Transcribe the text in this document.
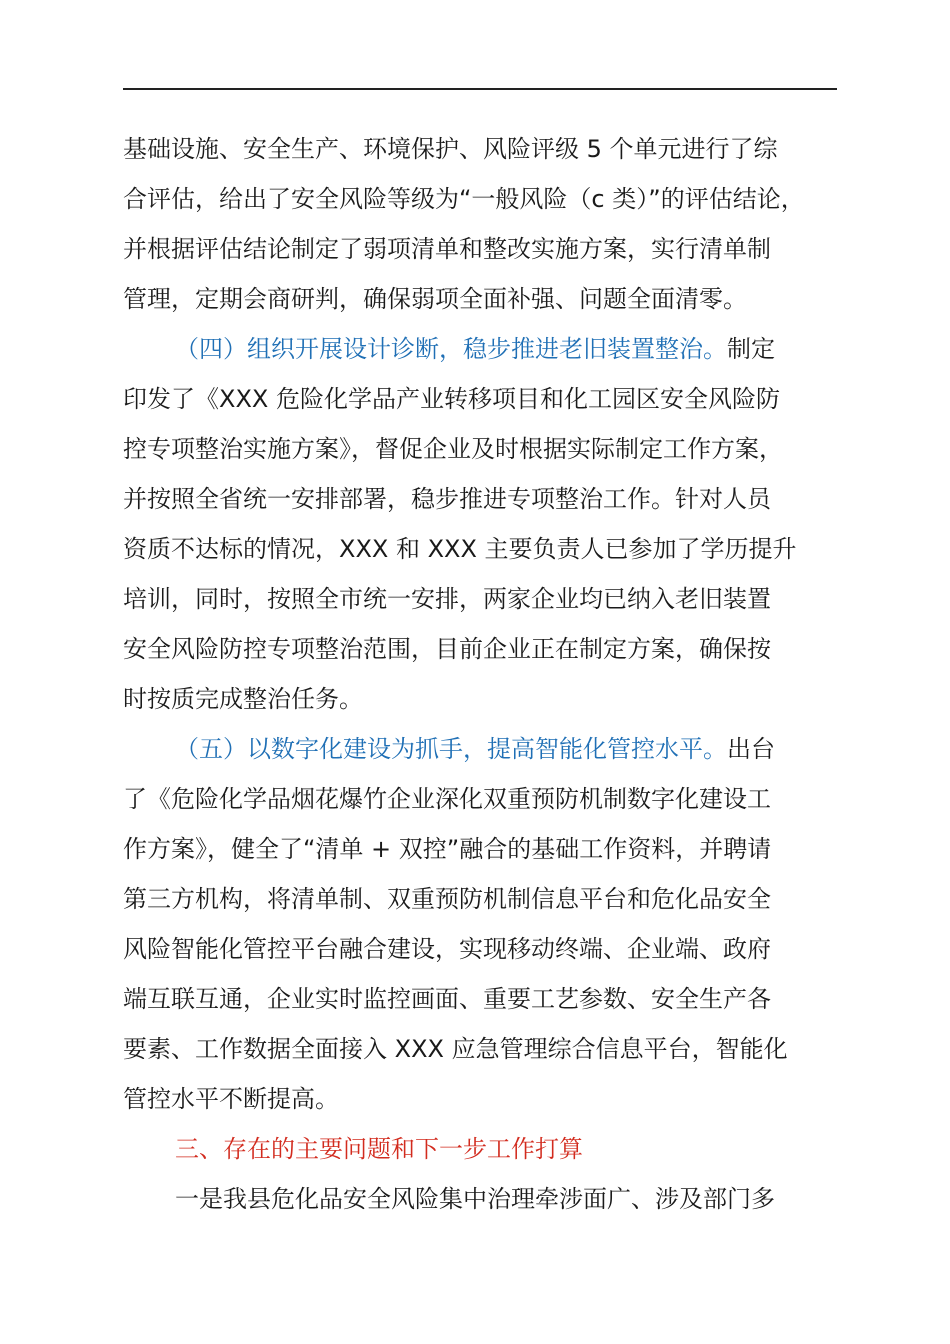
基础设施、安全生产、环境保护、风险评级 5 个单元进行了综
合评估，给出了安全风险等级为“一般风险（c 类）”的评估结论，
并根据评估结论制定了弱项清单和整改实施方案，实行清单制
管理，定期会商研判，确保弱项全面补强、问题全面清零。
（四）组织开展设计诊断，稳步推进老旧装置整治。制定
印发了《XXX 危险化学品产业转移项目和化工园区安全风险防
控专项整治实施方案》，督促企业及时根据实际制定工作方案，
并按照全省统一安排部署，稳步推进专项整治工作。针对人员
资质不达标的情况，XXX 和 XXX 主要负责人已参加了学历提升
培训，同时，按照全市统一安排，两家企业均已纳入老旧装置
安全风险防控专项整治范围，目前企业正在制定方案，确保按
时按质完成整治任务。
（五）以数字化建设为抓手，提高智能化管控水平。出台
了《危险化学品烟花爆竹企业深化双重预防机制数字化建设工
作方案》，健全了“清单 + 双控”融合的基础工作资料，并聘请
第三方机构，将清单制、双重预防机制信息平台和危化品安全
风险智能化管控平台融合建设，实现移动终端、企业端、政府
端互联互通，企业实时监控画面、重要工艺参数、安全生产各
要素、工作数据全面接入 XXX 应急管理综合信息平台，智能化
管控水平不断提高。
三、存在的主要问题和下一步工作打算
一是我县危化品安全风险集中治理牵涉面广、涉及部门多
